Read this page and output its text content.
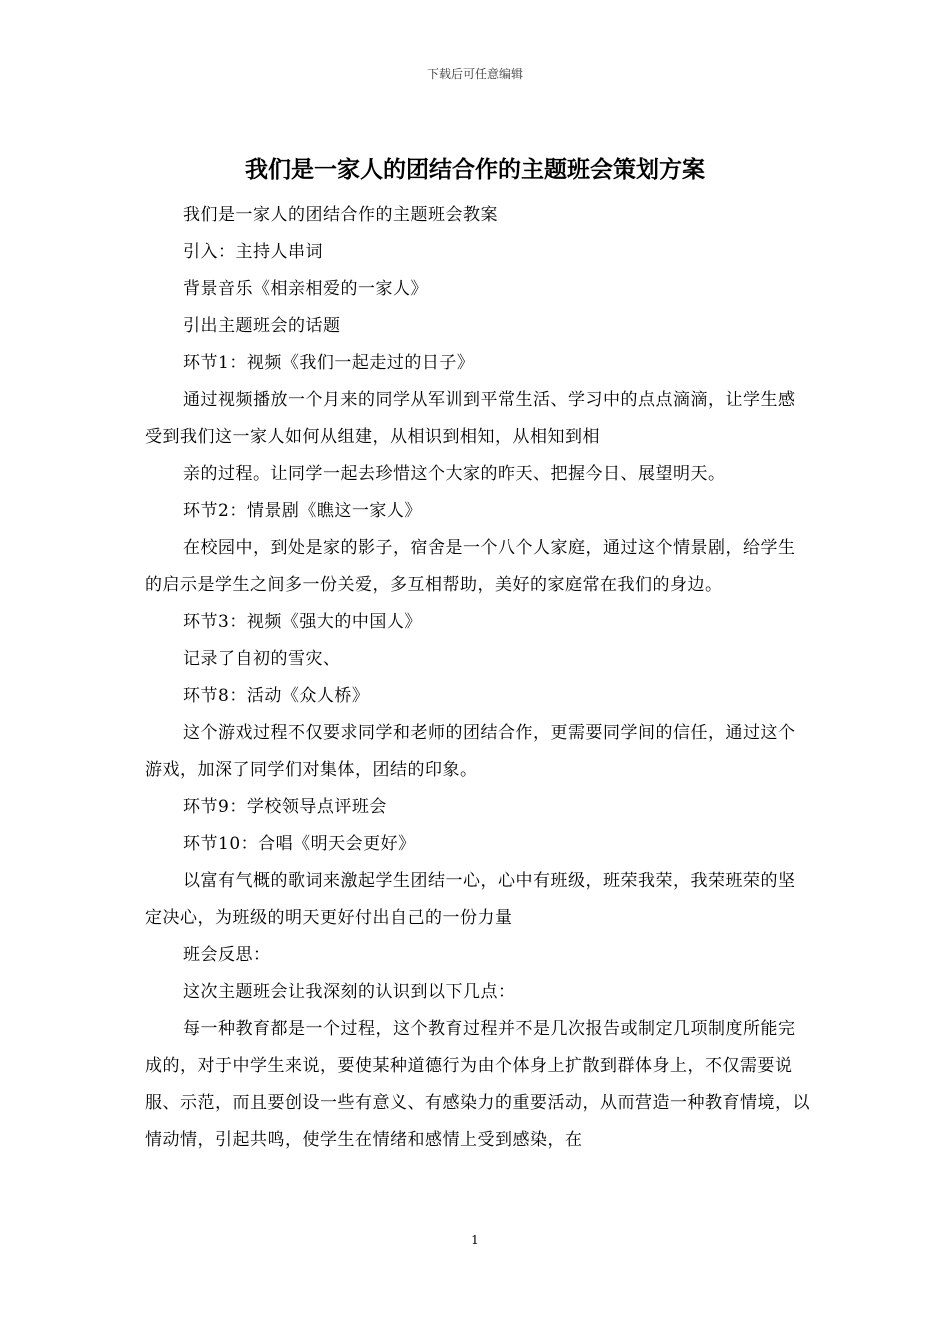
下载后可任意编辑
我们是一家人的团结合作的主题班会策划方案

我们是一家人的团结合作的主题班会教案

引入：主持人串词

背景音乐《相亲相爱的一家人》

引出主题班会的话题

环节1：视频《我们一起走过的日子》

通过视频播放一个月来的同学从军训到平常生活、学习中的点点滴滴，让学生感受到我们这一家人如何从组建，从相识到相知，从相知到相

亲的过程。让同学一起去珍惜这个大家的昨天、把握今日、展望明天。

环节2：情景剧《瞧这一家人》

在校园中，到处是家的影子，宿舍是一个八个人家庭，通过这个情景剧，给学生的启示是学生之间多一份关爱，多互相帮助，美好的家庭常在我们的身边。

环节3：视频《强大的中国人》

记录了自初的雪灾、

环节8：活动《众人桥》

这个游戏过程不仅要求同学和老师的团结合作，更需要同学间的信任，通过这个游戏，加深了同学们对集体，团结的印象。

环节9：学校领导点评班会

环节10：合唱《明天会更好》

以富有气概的歌词来激起学生团结一心，心中有班级，班荣我荣，我荣班荣的坚定决心，为班级的明天更好付出自己的一份力量

班会反思：

这次主题班会让我深刻的认识到以下几点：

每一种教育都是一个过程，这个教育过程并不是几次报告或制定几项制度所能完成的，对于中学生来说，要使某种道德行为由个体身上扩散到群体身上，不仅需要说服、示范，而且要创设一些有意义、有感染力的重要活动，从而营造一种教育情境，以情动情，引起共鸣，使学生在情绪和感情上受到感染，在

1
